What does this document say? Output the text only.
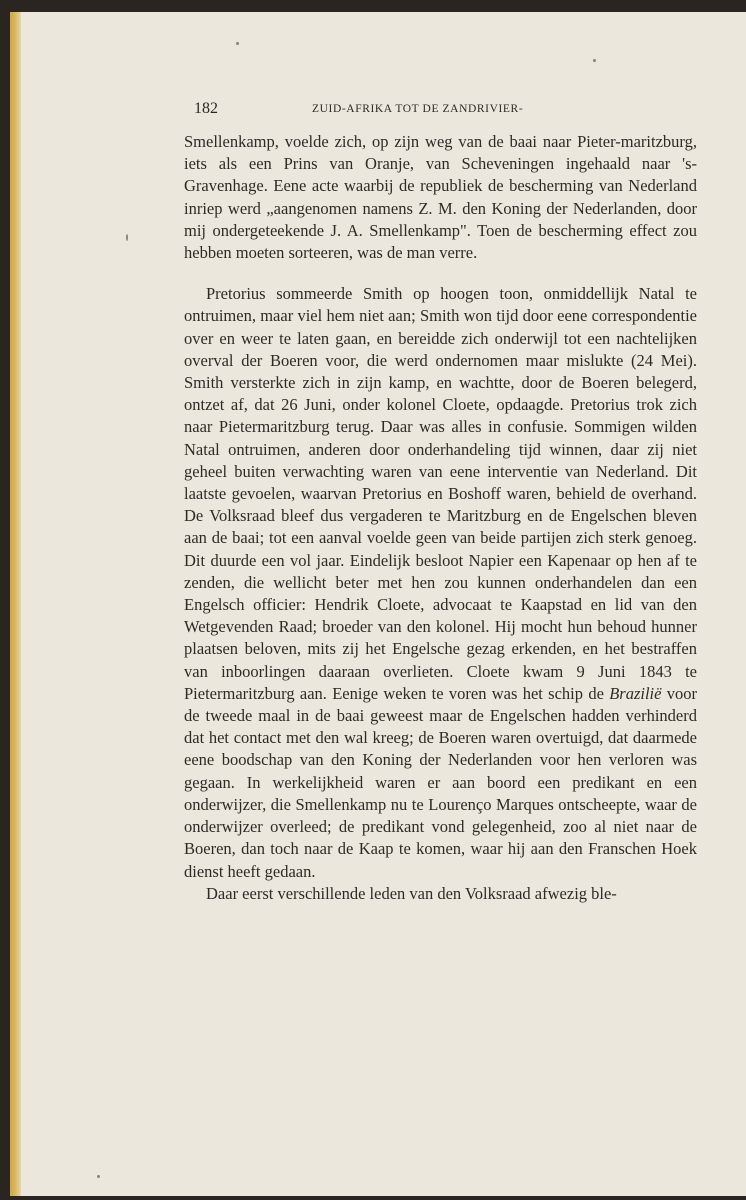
182	ZUID-AFRIKA TOT DE ZANDRIVIER-

Smellenkamp, voelde zich, op zijn weg van de baai naar Pieter-maritzburg, iets als een Prins van Oranje, van Scheveningen ingehaald naar 's-Gravenhage. Eene acte waarbij de republiek de bescherming van Nederland inriep werd „aangenomen namens Z. M. den Koning der Nederlanden, door mij ondergeteekende J. A. Smellenkamp". Toen de bescherming effect zou hebben moeten sorteeren, was de man verre.

Pretorius sommeerde Smith op hoogen toon, onmiddellijk Natal te ontruimen, maar viel hem niet aan; Smith won tijd door eene correspondentie over en weer te laten gaan, en bereidde zich onderwijl tot een nachtelijken overval der Boeren voor, die werd ondernomen maar mislukte (24 Mei). Smith versterkte zich in zijn kamp, en wachtte, door de Boeren belegerd, ontzet af, dat 26 Juni, onder kolonel Cloete, opdaagde. Pretorius trok zich naar Pietermaritzburg terug. Daar was alles in confusie. Sommigen wilden Natal ontruimen, anderen door onderhandeling tijd winnen, daar zij niet geheel buiten verwachting waren van eene interventie van Nederland. Dit laatste gevoelen, waarvan Pretorius en Boshoff waren, behield de overhand. De Volksraad bleef dus vergaderen te Maritzburg en de Engelschen bleven aan de baai; tot een aanval voelde geen van beide partijen zich sterk genoeg. Dit duurde een vol jaar. Eindelijk besloot Napier een Kapenaar op hen af te zenden, die wellicht beter met hen zou kunnen onderhandelen dan een Engelsch officier: Hendrik Cloete, advocaat te Kaapstad en lid van den Wetgevenden Raad; broeder van den kolonel. Hij mocht hun behoud hunner plaatsen beloven, mits zij het Engelsche gezag erkenden, en het bestraffen van inboorlingen daaraan overlieten. Cloete kwam 9 Juni 1843 te Pietermaritzburg aan. Eenige weken te voren was het schip de Brazilië voor de tweede maal in de baai geweest maar de Engelschen hadden verhinderd dat het contact met den wal kreeg; de Boeren waren overtuigd, dat daarmede eene boodschap van den Koning der Nederlanden voor hen verloren was gegaan. In werkelijkheid waren er aan boord een predikant en een onderwijzer, die Smellenkamp nu te Lourenço Marques ontscheepte, waar de onderwijzer overleed; de predikant vond gelegenheid, zoo al niet naar de Boeren, dan toch naar de Kaap te komen, waar hij aan den Franschen Hoek dienst heeft gedaan.

Daar eerst verschillende leden van den Volksraad afwezig ble-
